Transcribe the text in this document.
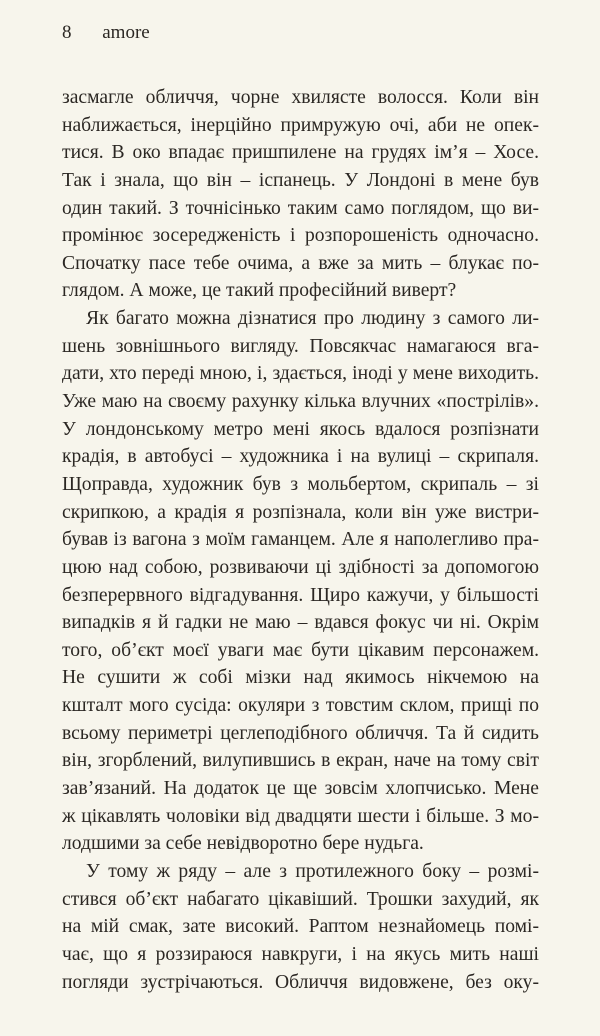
8 amore
засмагле обличчя, чорне хвилясте волосся. Коли він
наближається, інерційно примружую очі, аби не опек-
тися. В око впадає пришпилене на грудях ім’я – Хосе.
Так і знала, що він – іспанець. У Лондоні в мене був
один такий. З точнісінько таким само поглядом, що ви-
промінює зосередженість і розпорошеність одночасно.
Спочатку пасе тебе очима, а вже за мить – блукає по-
глядом. А може, це такий професійний виверт?
Як багато можна дізнатися про людину з самого ли-
шень зовнішнього вигляду. Повсякчас намагаюся вга-
дати, хто переді мною, і, здається, іноді у мене виходить.
Уже маю на своєму рахунку кілька влучних «пострілів».
У лондонському метро мені якось вдалося розпізнати
крадія, в автобусі – художника і на вулиці – скрипаля.
Щоправда, художник був з мольбертом, скрипаль – зі
скрипкою, а крадія я розпізнала, коли він уже вистри-
бував із вагона з моїм гаманцем. Але я наполегливо пра-
цюю над собою, розвиваючи ці здібності за допомогою
безперервного відгадування. Щиро кажучи, у більшості
випадків я й гадки не маю – вдався фокус чи ні. Окрім
того, об’єкт моєї уваги має бути цікавим персонажем.
Не сушити ж собі мізки над якимось нікчемою на
кшталт мого сусіда: окуляри з товстим склом, прищі по
всьому периметрі цеглеподібного обличчя. Та й сидить
він, згорблений, вилупившись в екран, наче на тому світ
зав’язаний. На додаток це ще зовсім хлопчисько. Мене
ж цікавлять чоловіки від двадцяти шести і більше. З мо-
лодшими за себе невідворотно бере нудьга.
У тому ж ряду – але з протилежного боку – розмі-
стився об’єкт набагато цікавіший. Трошки захудий, як
на мій смак, зате високий. Раптом незнайомець помі-
чає, що я роззираюся навкруги, і на якусь мить наші
погляди зустрічаються. Обличчя видовжене, без оку-
